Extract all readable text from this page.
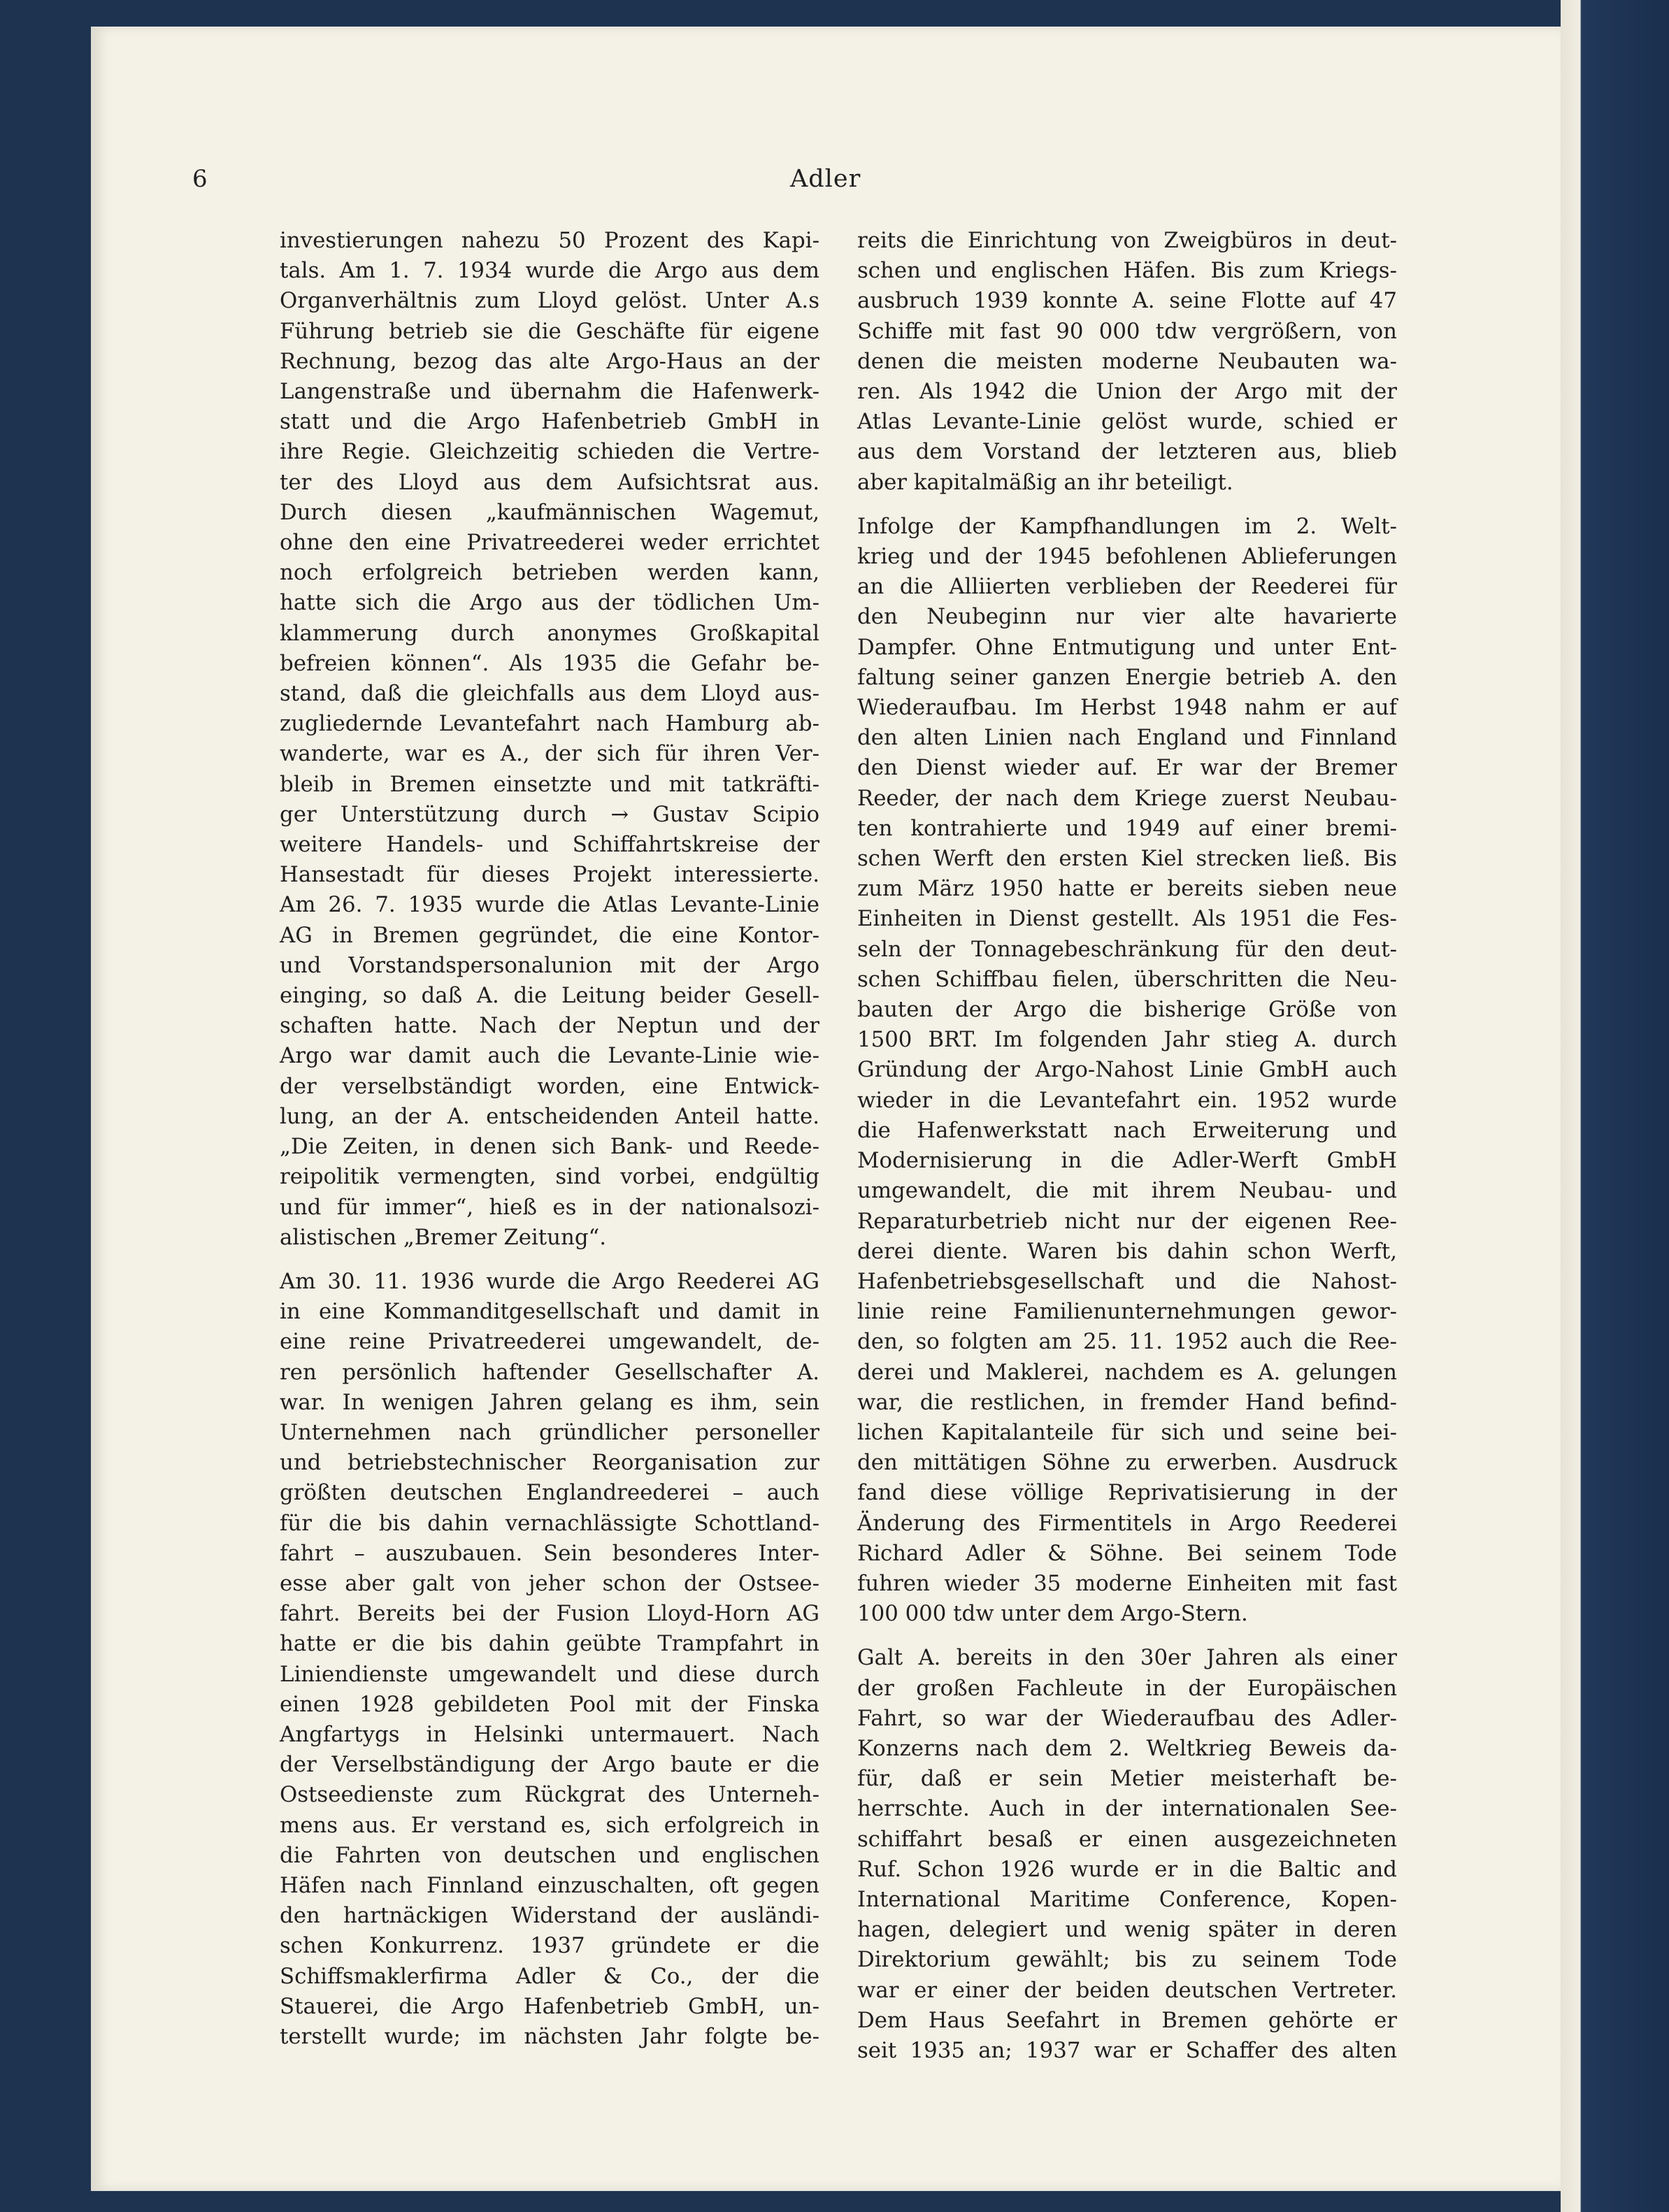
6	Adler
investierungen nahezu 50 Prozent des Kapi-
tals. Am 1. 7. 1934 wurde die Argo aus dem
Organverhältnis zum Lloyd gelöst. Unter A.s
Führung betrieb sie die Geschäfte für eigene
Rechnung, bezog das alte Argo-Haus an der
Langenstraße und übernahm die Hafenwerk-
statt und die Argo Hafenbetrieb GmbH in
ihre Regie. Gleichzeitig schieden die Vertre-
ter des Lloyd aus dem Aufsichtsrat aus.
Durch diesen „kaufmännischen Wagemut,
ohne den eine Privatreederei weder errichtet
noch erfolgreich betrieben werden kann,
hatte sich die Argo aus der tödlichen Um-
klammerung durch anonymes Großkapital
befreien können“. Als 1935 die Gefahr be-
stand, daß die gleichfalls aus dem Lloyd aus-
zugliedernde Levantefahrt nach Hamburg ab-
wanderte, war es A., der sich für ihren Ver-
bleib in Bremen einsetzte und mit tatkräfti-
ger Unterstützung durch → Gustav Scipio
weitere Handels- und Schiffahrtskreise der
Hansestadt für dieses Projekt interessierte.
Am 26. 7. 1935 wurde die Atlas Levante-Linie
AG in Bremen gegründet, die eine Kontor-
und Vorstandspersonalunion mit der Argo
einging, so daß A. die Leitung beider Gesell-
schaften hatte. Nach der Neptun und der
Argo war damit auch die Levante-Linie wie-
der verselbständigt worden, eine Entwick-
lung, an der A. entscheidenden Anteil hatte.
„Die Zeiten, in denen sich Bank- und Reede-
reipolitik vermengten, sind vorbei, endgültig
und für immer“, hieß es in der nationalsozi-
alistischen „Bremer Zeitung“.
Am 30. 11. 1936 wurde die Argo Reederei AG
in eine Kommanditgesellschaft und damit in
eine reine Privatreederei umgewandelt, de-
ren persönlich haftender Gesellschafter A.
war. In wenigen Jahren gelang es ihm, sein
Unternehmen nach gründlicher personeller
und betriebstechnischer Reorganisation zur
größten deutschen Englandreederei – auch
für die bis dahin vernachlässigte Schottland-
fahrt – auszubauen. Sein besonderes Inter-
esse aber galt von jeher schon der Ostsee-
fahrt. Bereits bei der Fusion Lloyd-Horn AG
hatte er die bis dahin geübte Trampfahrt in
Liniendienste umgewandelt und diese durch
einen 1928 gebildeten Pool mit der Finska
Angfartygs in Helsinki untermauert. Nach
der Verselbständigung der Argo baute er die
Ostseedienste zum Rückgrat des Unterneh-
mens aus. Er verstand es, sich erfolgreich in
die Fahrten von deutschen und englischen
Häfen nach Finnland einzuschalten, oft gegen
den hartnäckigen Widerstand der ausländi-
schen Konkurrenz. 1937 gründete er die
Schiffsmaklerfirma Adler & Co., der die
Stauerei, die Argo Hafenbetrieb GmbH, un-
terstellt wurde; im nächsten Jahr folgte be-
reits die Einrichtung von Zweigbüros in deut-
schen und englischen Häfen. Bis zum Kriegs-
ausbruch 1939 konnte A. seine Flotte auf 47
Schiffe mit fast 90 000 tdw vergrößern, von
denen die meisten moderne Neubauten wa-
ren. Als 1942 die Union der Argo mit der
Atlas Levante-Linie gelöst wurde, schied er
aus dem Vorstand der letzteren aus, blieb
aber kapitalmäßig an ihr beteiligt.
Infolge der Kampfhandlungen im 2. Welt-
krieg und der 1945 befohlenen Ablieferungen
an die Alliierten verblieben der Reederei für
den Neubeginn nur vier alte havarierte
Dampfer. Ohne Entmutigung und unter Ent-
faltung seiner ganzen Energie betrieb A. den
Wiederaufbau. Im Herbst 1948 nahm er auf
den alten Linien nach England und Finnland
den Dienst wieder auf. Er war der Bremer
Reeder, der nach dem Kriege zuerst Neubau-
ten kontrahierte und 1949 auf einer bremi-
schen Werft den ersten Kiel strecken ließ. Bis
zum März 1950 hatte er bereits sieben neue
Einheiten in Dienst gestellt. Als 1951 die Fes-
seln der Tonnagebeschränkung für den deut-
schen Schiffbau fielen, überschritten die Neu-
bauten der Argo die bisherige Größe von
1500 BRT. Im folgenden Jahr stieg A. durch
Gründung der Argo-Nahost Linie GmbH auch
wieder in die Levantefahrt ein. 1952 wurde
die Hafenwerkstatt nach Erweiterung und
Modernisierung in die Adler-Werft GmbH
umgewandelt, die mit ihrem Neubau- und
Reparaturbetrieb nicht nur der eigenen Ree-
derei diente. Waren bis dahin schon Werft,
Hafenbetriebsgesellschaft und die Nahost-
linie reine Familienunternehmungen gewor-
den, so folgten am 25. 11. 1952 auch die Ree-
derei und Maklerei, nachdem es A. gelungen
war, die restlichen, in fremder Hand befind-
lichen Kapitalanteile für sich und seine bei-
den mittätigen Söhne zu erwerben. Ausdruck
fand diese völlige Reprivatisierung in der
Änderung des Firmentitels in Argo Reederei
Richard Adler & Söhne. Bei seinem Tode
fuhren wieder 35 moderne Einheiten mit fast
100 000 tdw unter dem Argo-Stern.
Galt A. bereits in den 30er Jahren als einer
der großen Fachleute in der Europäischen
Fahrt, so war der Wiederaufbau des Adler-
Konzerns nach dem 2. Weltkrieg Beweis da-
für, daß er sein Metier meisterhaft be-
herrschte. Auch in der internationalen See-
schiffahrt besaß er einen ausgezeichneten
Ruf. Schon 1926 wurde er in die Baltic and
International Maritime Conference, Kopen-
hagen, delegiert und wenig später in deren
Direktorium gewählt; bis zu seinem Tode
war er einer der beiden deutschen Vertreter.
Dem Haus Seefahrt in Bremen gehörte er
seit 1935 an; 1937 war er Schaffer des alten
